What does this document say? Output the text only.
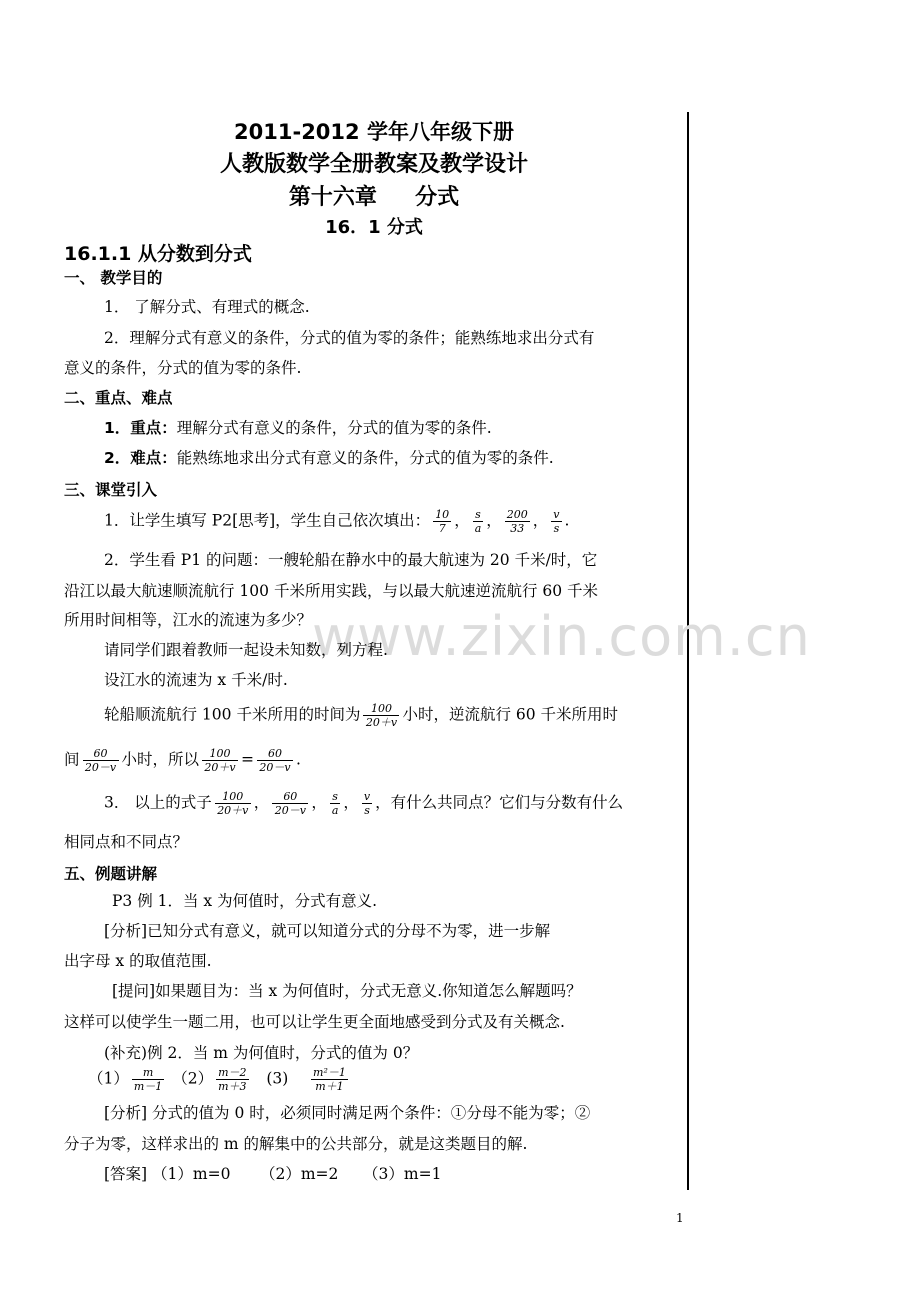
www.zixin.com.cn
2011-2012 学年八年级下册
人教版数学全册教案及教学设计
第十六章     分式
16．1 分式
16.1.1 从分数到分式
一、 教学目的
1． 了解分式、有理式的概念.
2．理解分式有意义的条件，分式的值为零的条件；能熟练地求出分式有
意义的条件，分式的值为零的条件.
二、重点、难点
1．重点：理解分式有意义的条件，分式的值为零的条件.
2．难点：能熟练地求出分式有意义的条件，分式的值为零的条件.
三、课堂引入
1．让学生填写 P2[思考]，学生自己依次填出： $\frac{10}{7}$ ， $\frac{s}{a}$ ， $\frac{200}{33}$ ， $\frac{v}{s}$ .
2．学生看 P1 的问题：一艘轮船在静水中的最大航速为 20 千米/时，它
沿江以最大航速顺流航行 100 千米所用实践，与以最大航速逆流航行 60 千米
所用时间相等，江水的流速为多少？
请同学们跟着教师一起设未知数，列方程.
设江水的流速为 x 千米/时.
轮船顺流航行 100 千米所用的时间为 $\frac{100}{20+v}$ 小时，逆流航行 60 千米所用时
间 $\frac{60}{20-v}$ 小时，所以 $\frac{100}{20+v} = \frac{60}{20-v}$ .
3． 以上的式子 $\frac{100}{20+v}$ ， $\frac{60}{20-v}$ ， $\frac{s}{a}$ ， $\frac{v}{s}$ ，有什么共同点？它们与分数有什么
相同点和不同点？
五、例题讲解
P3 例 1．当 x 为何值时，分式有意义.
[分析]已知分式有意义，就可以知道分式的分母不为零，进一步解
出字母 x 的取值范围.
[提问]如果题目为：当 x 为何值时，分式无意义.你知道怎么解题吗？
这样可以使学生一题二用，也可以让学生更全面地感受到分式及有关概念.
(补充)例 2．当 m 为何值时，分式的值为 0？
$(1) \frac{m}{m-1} (2) \frac{m-2}{m+3} (3) \frac{\text{m²－1}}{m+1}$
[分析] 分式的值为 0 时，必须同时满足两个条件：①分母不能为零；②
分子为零，这样求出的 m 的解集中的公共部分，就是这类题目的解.
[答案] （1）m=0      （2）m=2     （3）m=1
1
